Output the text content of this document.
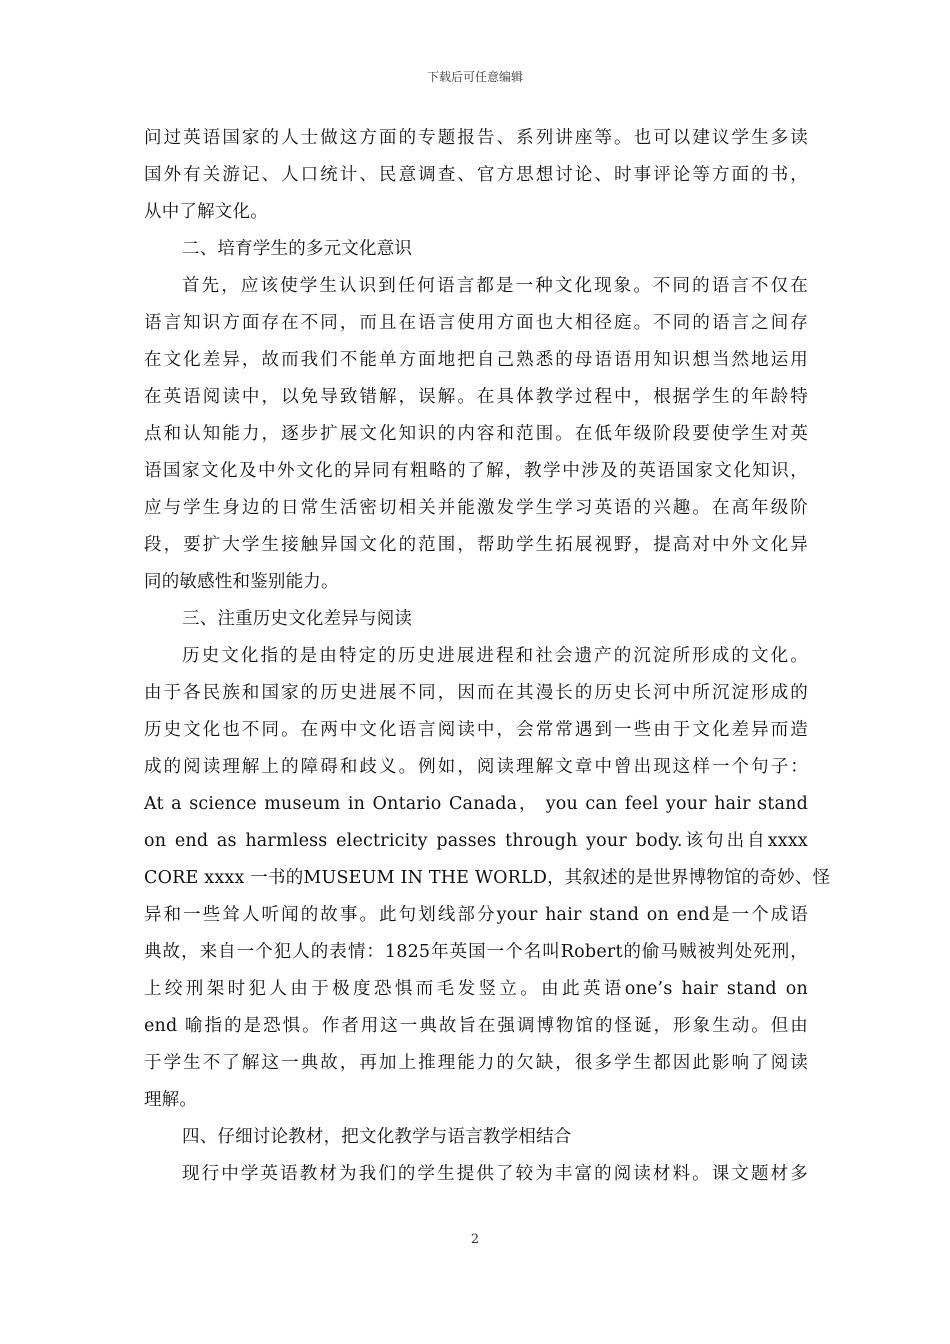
下载后可任意编辑
问过英语国家的人士做这方面的专题报告、系列讲座等。也可以建议学生多读
国外有关游记、人口统计、民意调查、官方思想讨论、时事评论等方面的书，
从中了解文化。
二、培育学生的多元文化意识
首先，应该使学生认识到任何语言都是一种文化现象。不同的语言不仅在
语言知识方面存在不同，而且在语言使用方面也大相径庭。不同的语言之间存
在文化差异，故而我们不能单方面地把自己熟悉的母语语用知识想当然地运用
在英语阅读中，以免导致错解，误解。在具体教学过程中，根据学生的年龄特
点和认知能力，逐步扩展文化知识的内容和范围。在低年级阶段要使学生对英
语国家文化及中外文化的异同有粗略的了解，教学中涉及的英语国家文化知识，
应与学生身边的日常生活密切相关并能激发学生学习英语的兴趣。在高年级阶
段，要扩大学生接触异国文化的范围，帮助学生拓展视野，提高对中外文化异
同的敏感性和鉴别能力。
三、注重历史文化差异与阅读
历史文化指的是由特定的历史进展进程和社会遗产的沉淀所形成的文化。
由于各民族和国家的历史进展不同，因而在其漫长的历史长河中所沉淀形成的
历史文化也不同。在两中文化语言阅读中，会常常遇到一些由于文化差异而造
成的阅读理解上的障碍和歧义。例如，阅读理解文章中曾出现这样一个句子：
At a science museum in Ontario Canada， you can feel your hair stand
on end as harmless electricity passes through your body.该句出自xxxx
CORE xxxx 一书的MUSEUM IN THE WORLD，其叙述的是世界博物馆的奇妙、怪
异和一些耸人听闻的故事。此句划线部分your hair stand on end是一个成语
典故，来自一个犯人的表情：1825年英国一个名叫Robert的偷马贼被判处死刑，
上绞刑架时犯人由于极度恐惧而毛发竖立。由此英语one’s hair stand on
end 喻指的是恐惧。作者用这一典故旨在强调博物馆的怪诞，形象生动。但由
于学生不了解这一典故，再加上推理能力的欠缺，很多学生都因此影响了阅读
理解。
四、仔细讨论教材，把文化教学与语言教学相结合
现行中学英语教材为我们的学生提供了较为丰富的阅读材料。课文题材多
2
